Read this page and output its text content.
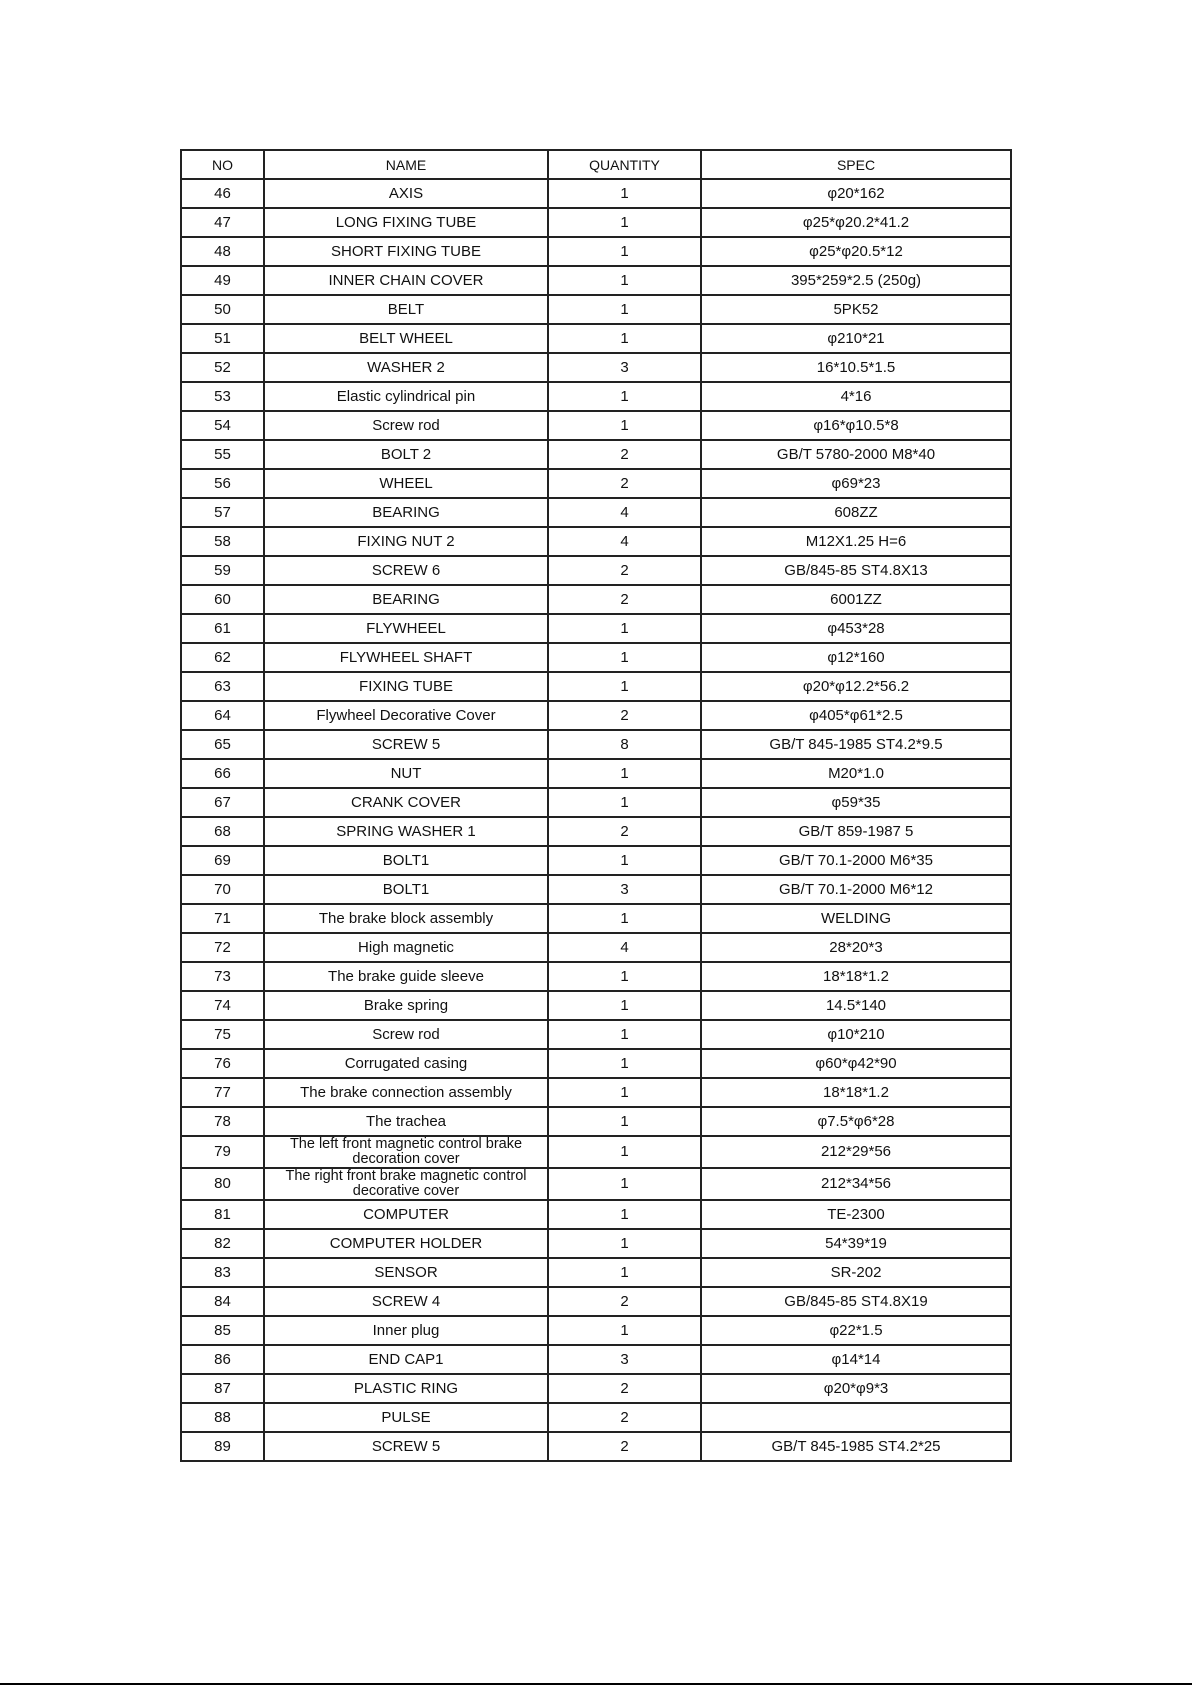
NO	NAME	QUANTITY	SPEC
46	AXIS	1	φ20*162
47	LONG FIXING TUBE	1	φ25*φ20.2*41.2
48	SHORT FIXING TUBE	1	φ25*φ20.5*12
49	INNER CHAIN COVER	1	395*259*2.5 (250g)
50	BELT	1	5PK52
51	BELT WHEEL	1	φ210*21
52	WASHER 2	3	16*10.5*1.5
53	Elastic cylindrical pin	1	4*16
54	Screw rod	1	φ16*φ10.5*8
55	BOLT 2	2	GB/T 5780-2000 M8*40
56	WHEEL	2	φ69*23
57	BEARING	4	608ZZ
58	FIXING NUT 2	4	M12X1.25 H=6
59	SCREW 6	2	GB/845-85 ST4.8X13
60	BEARING	2	6001ZZ
61	FLYWHEEL	1	φ453*28
62	FLYWHEEL SHAFT	1	φ12*160
63	FIXING TUBE	1	φ20*φ12.2*56.2
64	Flywheel Decorative Cover	2	φ405*φ61*2.5
65	SCREW 5	8	GB/T 845-1985 ST4.2*9.5
66	NUT	1	M20*1.0
67	CRANK COVER	1	φ59*35
68	SPRING WASHER 1	2	GB/T 859-1987 5
69	BOLT1	1	GB/T 70.1-2000 M6*35
70	BOLT1	3	GB/T 70.1-2000 M6*12
71	The brake block assembly	1	WELDING
72	High magnetic	4	28*20*3
73	The brake guide sleeve	1	18*18*1.2
74	Brake spring	1	14.5*140
75	Screw rod	1	φ10*210
76	Corrugated casing	1	φ60*φ42*90
77	The brake connection assembly	1	18*18*1.2
78	The trachea	1	φ7.5*φ6*28
79	The left front magnetic control brake decoration cover	1	212*29*56
80	The right front brake magnetic control decorative cover	1	212*34*56
81	COMPUTER	1	TE-2300
82	COMPUTER HOLDER	1	54*39*19
83	SENSOR	1	SR-202
84	SCREW 4	2	GB/845-85 ST4.8X19
85	Inner plug	1	φ22*1.5
86	END CAP1	3	φ14*14
87	PLASTIC RING	2	φ20*φ9*3
88	PULSE	2	
89	SCREW 5	2	GB/T 845-1985 ST4.2*25
